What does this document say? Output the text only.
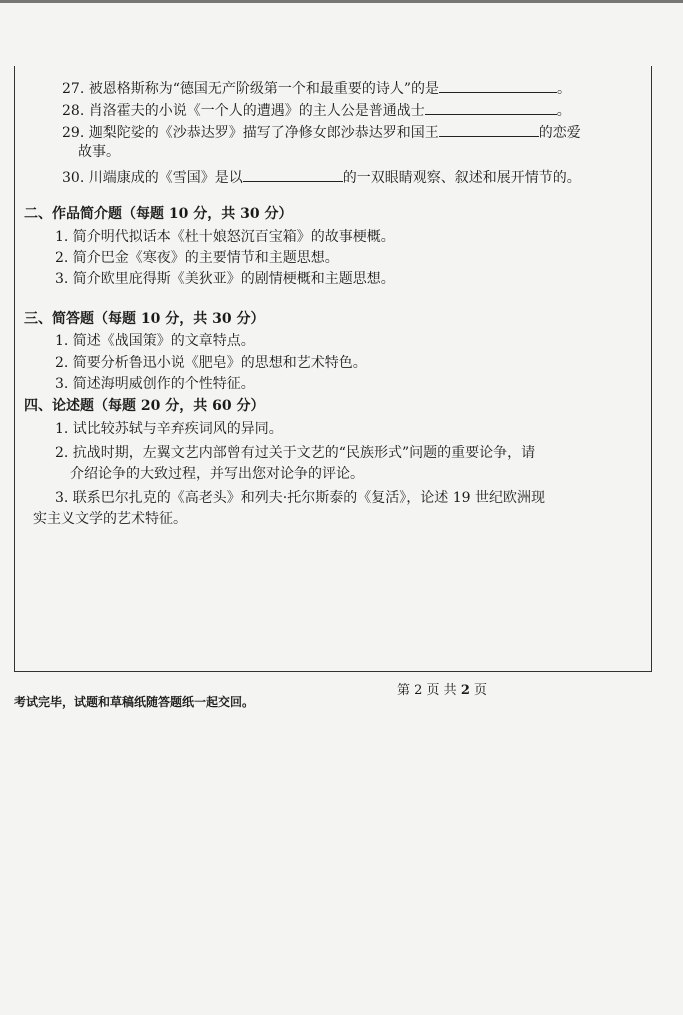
27. 被恩格斯称为“德国无产阶级第一个和最重要的诗人”的是	。
28. 肖洛霍夫的小说《一个人的遭遇》的主人公是普通战士	。
29. 迦梨陀娑的《沙恭达罗》描写了净修女郎沙恭达罗和国王	的恋爱
故事。
30. 川端康成的《雪国》是以	的一双眼睛观察、叙述和展开情节的。
二、作品简介题（每题 10 分，共 30 分）
1. 简介明代拟话本《杜十娘怒沉百宝箱》的故事梗概。
2. 简介巴金《寒夜》的主要情节和主题思想。
3. 简介欧里庇得斯《美狄亚》的剧情梗概和主题思想。
三、简答题（每题 10 分，共 30 分）
1. 简述《战国策》的文章特点。
2. 简要分析鲁迅小说《肥皂》的思想和艺术特色。
3. 简述海明威创作的个性特征。
四、论述题（每题 20 分，共 60 分）
1. 试比较苏轼与辛弃疾词风的异同。
2. 抗战时期，左翼文艺内部曾有过关于文艺的“民族形式”问题的重要论争，请
介绍论争的大致过程，并写出您对论争的评论。
3. 联系巴尔扎克的《高老头》和列夫·托尔斯泰的《复活》，论述 19 世纪欧洲现
实主义文学的艺术特征。
第 2 页 共 2 页
考试完毕，试题和草稿纸随答题纸一起交回。
